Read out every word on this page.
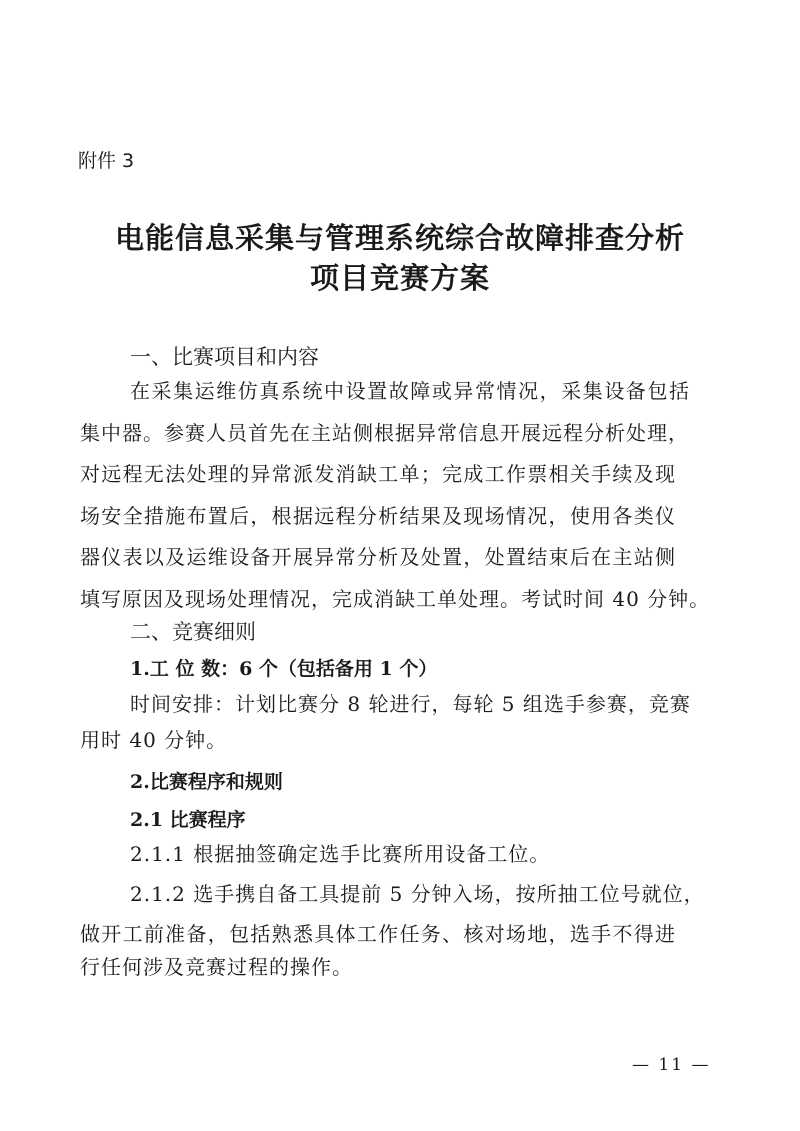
附件 3
电能信息采集与管理系统综合故障排查分析
项目竞赛方案
一、比赛项目和内容
在采集运维仿真系统中设置故障或异常情况，采集设备包括
集中器。参赛人员首先在主站侧根据异常信息开展远程分析处理，
对远程无法处理的异常派发消缺工单；完成工作票相关手续及现
场安全措施布置后，根据远程分析结果及现场情况，使用各类仪
器仪表以及运维设备开展异常分析及处置，处置结束后在主站侧
填写原因及现场处理情况，完成消缺工单处理。考试时间 40 分钟。
二、竞赛细则
1.工 位 数：6 个（包括备用 1 个）
时间安排：计划比赛分 8 轮进行，每轮 5 组选手参赛，竞赛
用时 40 分钟。
2.比赛程序和规则
2.1 比赛程序
2.1.1 根据抽签确定选手比赛所用设备工位。
2.1.2 选手携自备工具提前 5 分钟入场，按所抽工位号就位，
做开工前准备，包括熟悉具体工作任务、核对场地，选手不得进
行任何涉及竞赛过程的操作。
— 11 —
